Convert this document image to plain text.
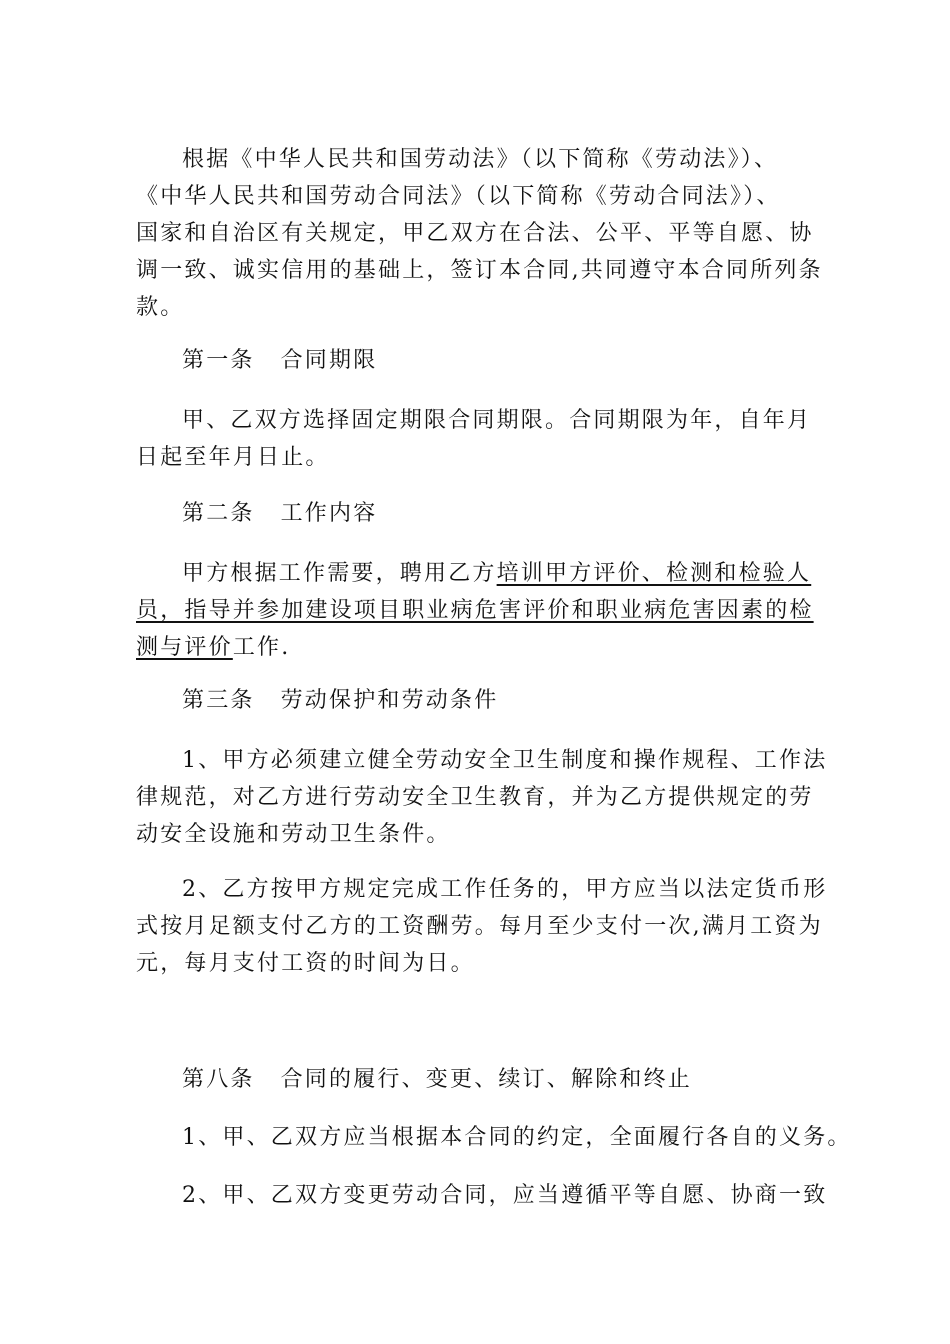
根据《中华人民共和国劳动法》（以下简称《劳动法》）、
《中华人民共和国劳动合同法》（以下简称《劳动合同法》）、
国家和自治区有关规定，甲乙双方在合法、公平、平等自愿、协
调一致、诚实信用的基础上，签订本合同,共同遵守本合同所列条
款。

第一条 合同期限

甲、乙双方选择固定期限合同期限。合同期限为年，自年月
日起至年月日止。

第二条 工作内容

甲方根据工作需要，聘用乙方培训甲方评价、检测和检验人
员，指导并参加建设项目职业病危害评价和职业病危害因素的检
测与评价工作.

第三条 劳动保护和劳动条件

1、甲方必须建立健全劳动安全卫生制度和操作规程、工作法
律规范，对乙方进行劳动安全卫生教育，并为乙方提供规定的劳
动安全设施和劳动卫生条件。
2、乙方按甲方规定完成工作任务的，甲方应当以法定货币形
式按月足额支付乙方的工资酬劳。每月至少支付一次,满月工资为
元，每月支付工资的时间为日。

第八条 合同的履行、变更、续订、解除和终止

1、甲、乙双方应当根据本合同的约定，全面履行各自的义务。
2、甲、乙双方变更劳动合同，应当遵循平等自愿、协商一致
